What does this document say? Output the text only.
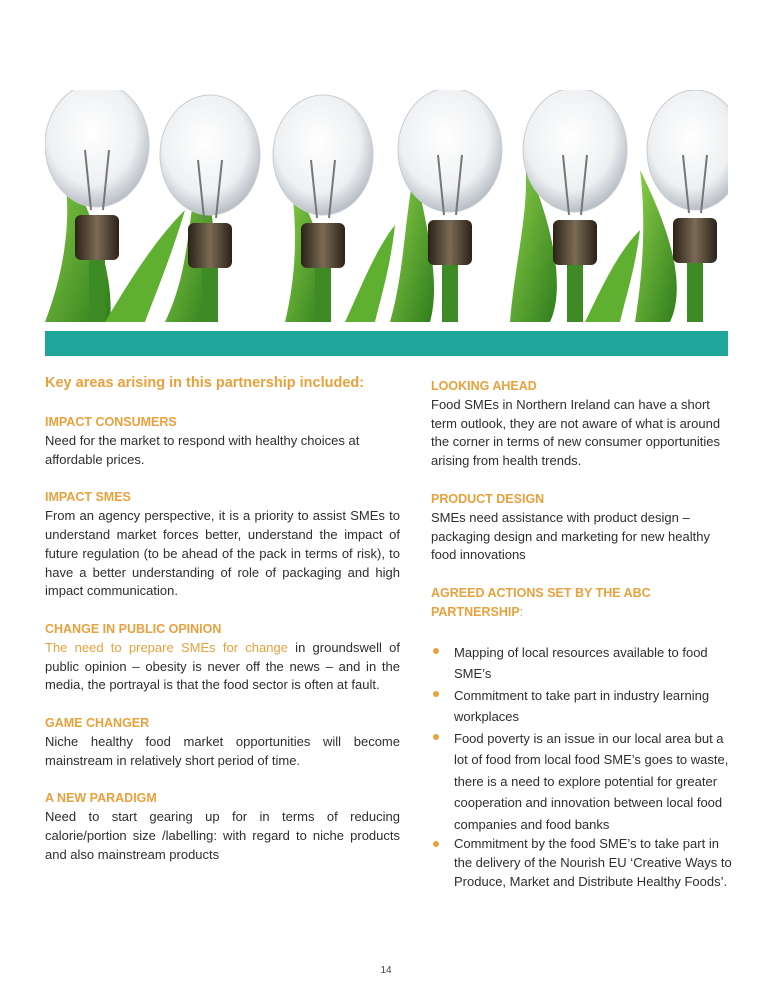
Key areas arising in this partnership included:

IMPACT CONSUMERS

Need for the market to respond with healthy choices at affordable prices.

IMPACT SMES

From an agency perspective, it is a priority to assist SMEs to understand market forces better, understand the impact of future regulation (to be ahead of the pack in terms of risk), to have a better understanding of role of packaging and high impact communication.

CHANGE IN PUBLIC OPINION

The need to prepare SMEs for change in groundswell of public opinion – obesity is never off the news – and in the media, the portrayal is that the food sector is often at fault.

GAME CHANGER

Niche healthy food market opportunities will become mainstream in relatively short period of time.

A NEW PARADIGM

Need to start gearing up for in terms of reducing calorie/portion size /labelling: with regard to niche products and also mainstream products

LOOKING AHEAD

Food SMEs in Northern Ireland can have a short term outlook, they are not aware of what is around the corner in terms of new consumer opportunities arising from health trends.

PRODUCT DESIGN

SMEs need assistance with product design – packaging design and marketing for new healthy food innovations

AGREED ACTIONS SET BY THE ABC PARTNERSHIP:

Mapping of local resources available to food SME’s
Commitment to take part in industry learning workplaces
Food poverty is an issue in our local area but a lot of food from local food SME’s goes to waste, there is a need to explore potential for greater cooperation and innovation between local food companies and food banks
Commitment by the food SME’s to take part in the delivery of the Nourish EU ‘Creative Ways to Produce, Market and Distribute Healthy Foods’.
14
